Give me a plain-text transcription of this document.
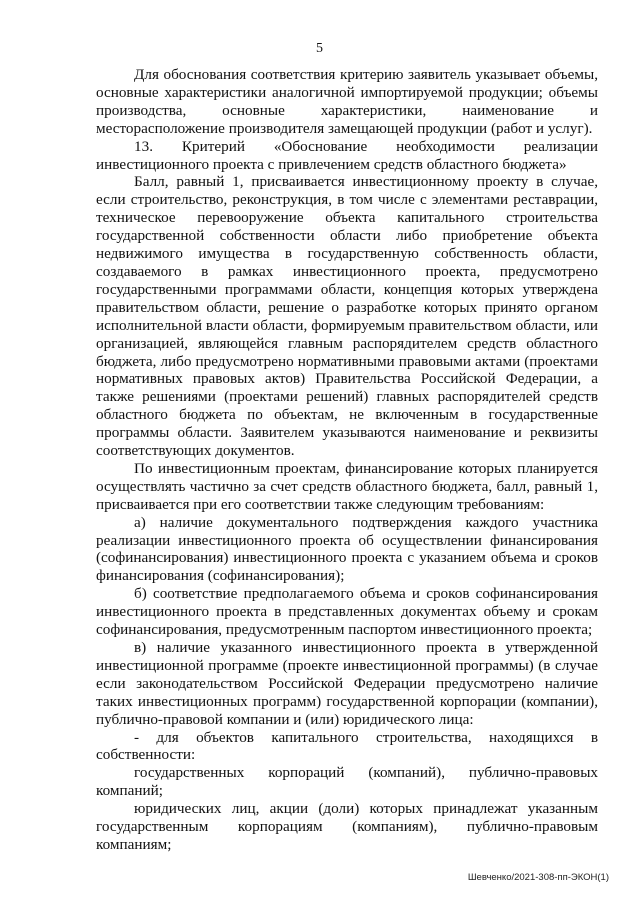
5

Для обоснования соответствия критерию заявитель указывает объемы, основные характеристики аналогичной импортируемой продукции; объемы производства, основные характеристики, наименование и месторасположение производителя замещающей продукции (работ и услуг).

13. Критерий «Обоснование необходимости реализации инвестиционного проекта с привлечением средств областного бюджета»

Балл, равный 1, присваивается инвестиционному проекту в случае, если строительство, реконструкция, в том числе с элементами реставрации, техническое перевооружение объекта капитального строительства государственной собственности области либо приобретение объекта недвижимого имущества в государственную собственность области, создаваемого в рамках инвестиционного проекта, предусмотрено государственными программами области, концепция которых утверждена правительством области, решение о разработке которых принято органом исполнительной власти области, формируемым правительством области, или организацией, являющейся главным распорядителем средств областного бюджета, либо предусмотрено нормативными правовыми актами (проектами нормативных правовых актов) Правительства Российской Федерации, а также решениями (проектами решений) главных распорядителей средств областного бюджета по объектам, не включенным в государственные программы области. Заявителем указываются наименование и реквизиты соответствующих документов.

По инвестиционным проектам, финансирование которых планируется осуществлять частично за счет средств областного бюджета, балл, равный 1, присваивается при его соответствии также следующим требованиям:

а) наличие документального подтверждения каждого участника реализации инвестиционного проекта об осуществлении финансирования (софинансирования) инвестиционного проекта с указанием объема и сроков финансирования (софинансирования);

б) соответствие предполагаемого объема и сроков софинансирования инвестиционного проекта в представленных документах объему и срокам софинансирования, предусмотренным паспортом инвестиционного проекта;

в) наличие указанного инвестиционного проекта в утвержденной инвестиционной программе (проекте инвестиционной программы) (в случае если законодательством Российской Федерации предусмотрено наличие таких инвестиционных программ) государственной корпорации (компании), публично-правовой компании и (или) юридического лица:

- для объектов капитального строительства, находящихся в собственности:

государственных корпораций (компаний), публично-правовых компаний;

юридических лиц, акции (доли) которых принадлежат указанным государственным корпорациям (компаниям), публично-правовым компаниям;

Шевченко/2021-308-пп-ЭКОН(1)
